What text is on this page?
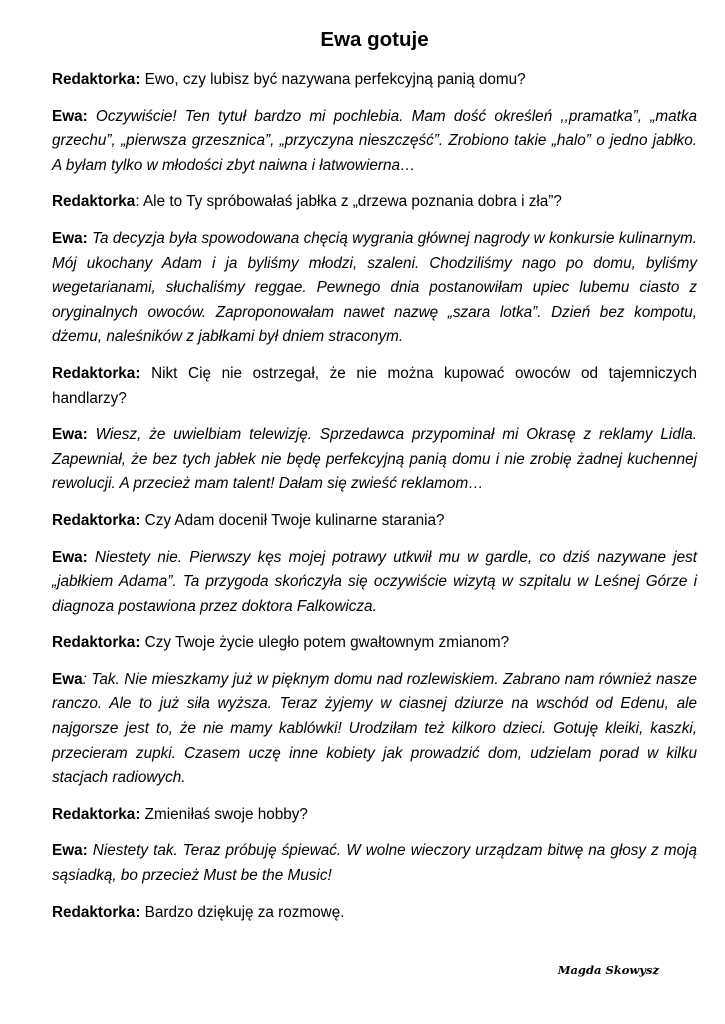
Ewa gotuje

Redaktorka: Ewo, czy lubisz być nazywana perfekcyjną panią domu?

Ewa: Oczywiście! Ten tytuł bardzo mi pochlebia. Mam dość określeń ,,pramatka”, „matka grzechu”, „pierwsza grzesznica”, „przyczyna nieszczęść”. Zrobiono takie „halo” o jedno jabłko. A byłam tylko w młodości zbyt naiwna i łatwowierna…

Redaktorka: Ale to Ty spróbowałaś jabłka z „drzewa poznania dobra i zła”?

Ewa: Ta decyzja była spowodowana chęcią wygrania głównej nagrody w konkursie kulinarnym. Mój ukochany Adam i ja byliśmy młodzi, szaleni. Chodziliśmy nago po domu, byliśmy wegetarianami, słuchaliśmy reggae. Pewnego dnia postanowiłam upiec lubemu ciasto z oryginalnych owoców. Zaproponowałam nawet nazwę „szara lotka”. Dzień bez kompotu, dżemu, naleśników z jabłkami był dniem straconym.

Redaktorka: Nikt Cię nie ostrzegał, że nie można kupować owoców od tajemniczych handlarzy?

Ewa: Wiesz, że uwielbiam telewizję. Sprzedawca przypominał mi Okrasę z reklamy Lidla. Zapewniał, że bez tych jabłek nie będę perfekcyjną panią domu i nie zrobię żadnej kuchennej rewolucji. A przecież mam talent! Dałam się zwieść reklamom…

Redaktorka: Czy Adam docenił Twoje kulinarne starania?

Ewa: Niestety nie. Pierwszy kęs mojej potrawy utkwił mu w gardle, co dziś nazywane jest „jabłkiem Adama”. Ta przygoda skończyła się oczywiście wizytą w szpitalu w Leśnej Górze i diagnoza postawiona przez doktora Falkowicza.

Redaktorka: Czy Twoje życie uległo potem gwałtownym zmianom?

Ewa: Tak. Nie mieszkamy już w pięknym domu nad rozlewiskiem. Zabrano nam również nasze ranczo. Ale to już siła wyższa. Teraz żyjemy w ciasnej dziurze na wschód od Edenu, ale najgorsze jest to, że nie mamy kablówki! Urodziłam też kilkoro dzieci. Gotuję kleiki, kaszki, przecieram zupki. Czasem uczę inne kobiety jak prowadzić dom, udzielam porad w kilku stacjach radiowych.

Redaktorka: Zmieniłaś swoje hobby?

Ewa: Niestety tak. Teraz próbuję śpiewać. W wolne wieczory urządzam bitwę na głosy z moją sąsiadką, bo przecież Must be the Music!

Redaktorka: Bardzo dziękuję za rozmowę.

Magda Skowysz
